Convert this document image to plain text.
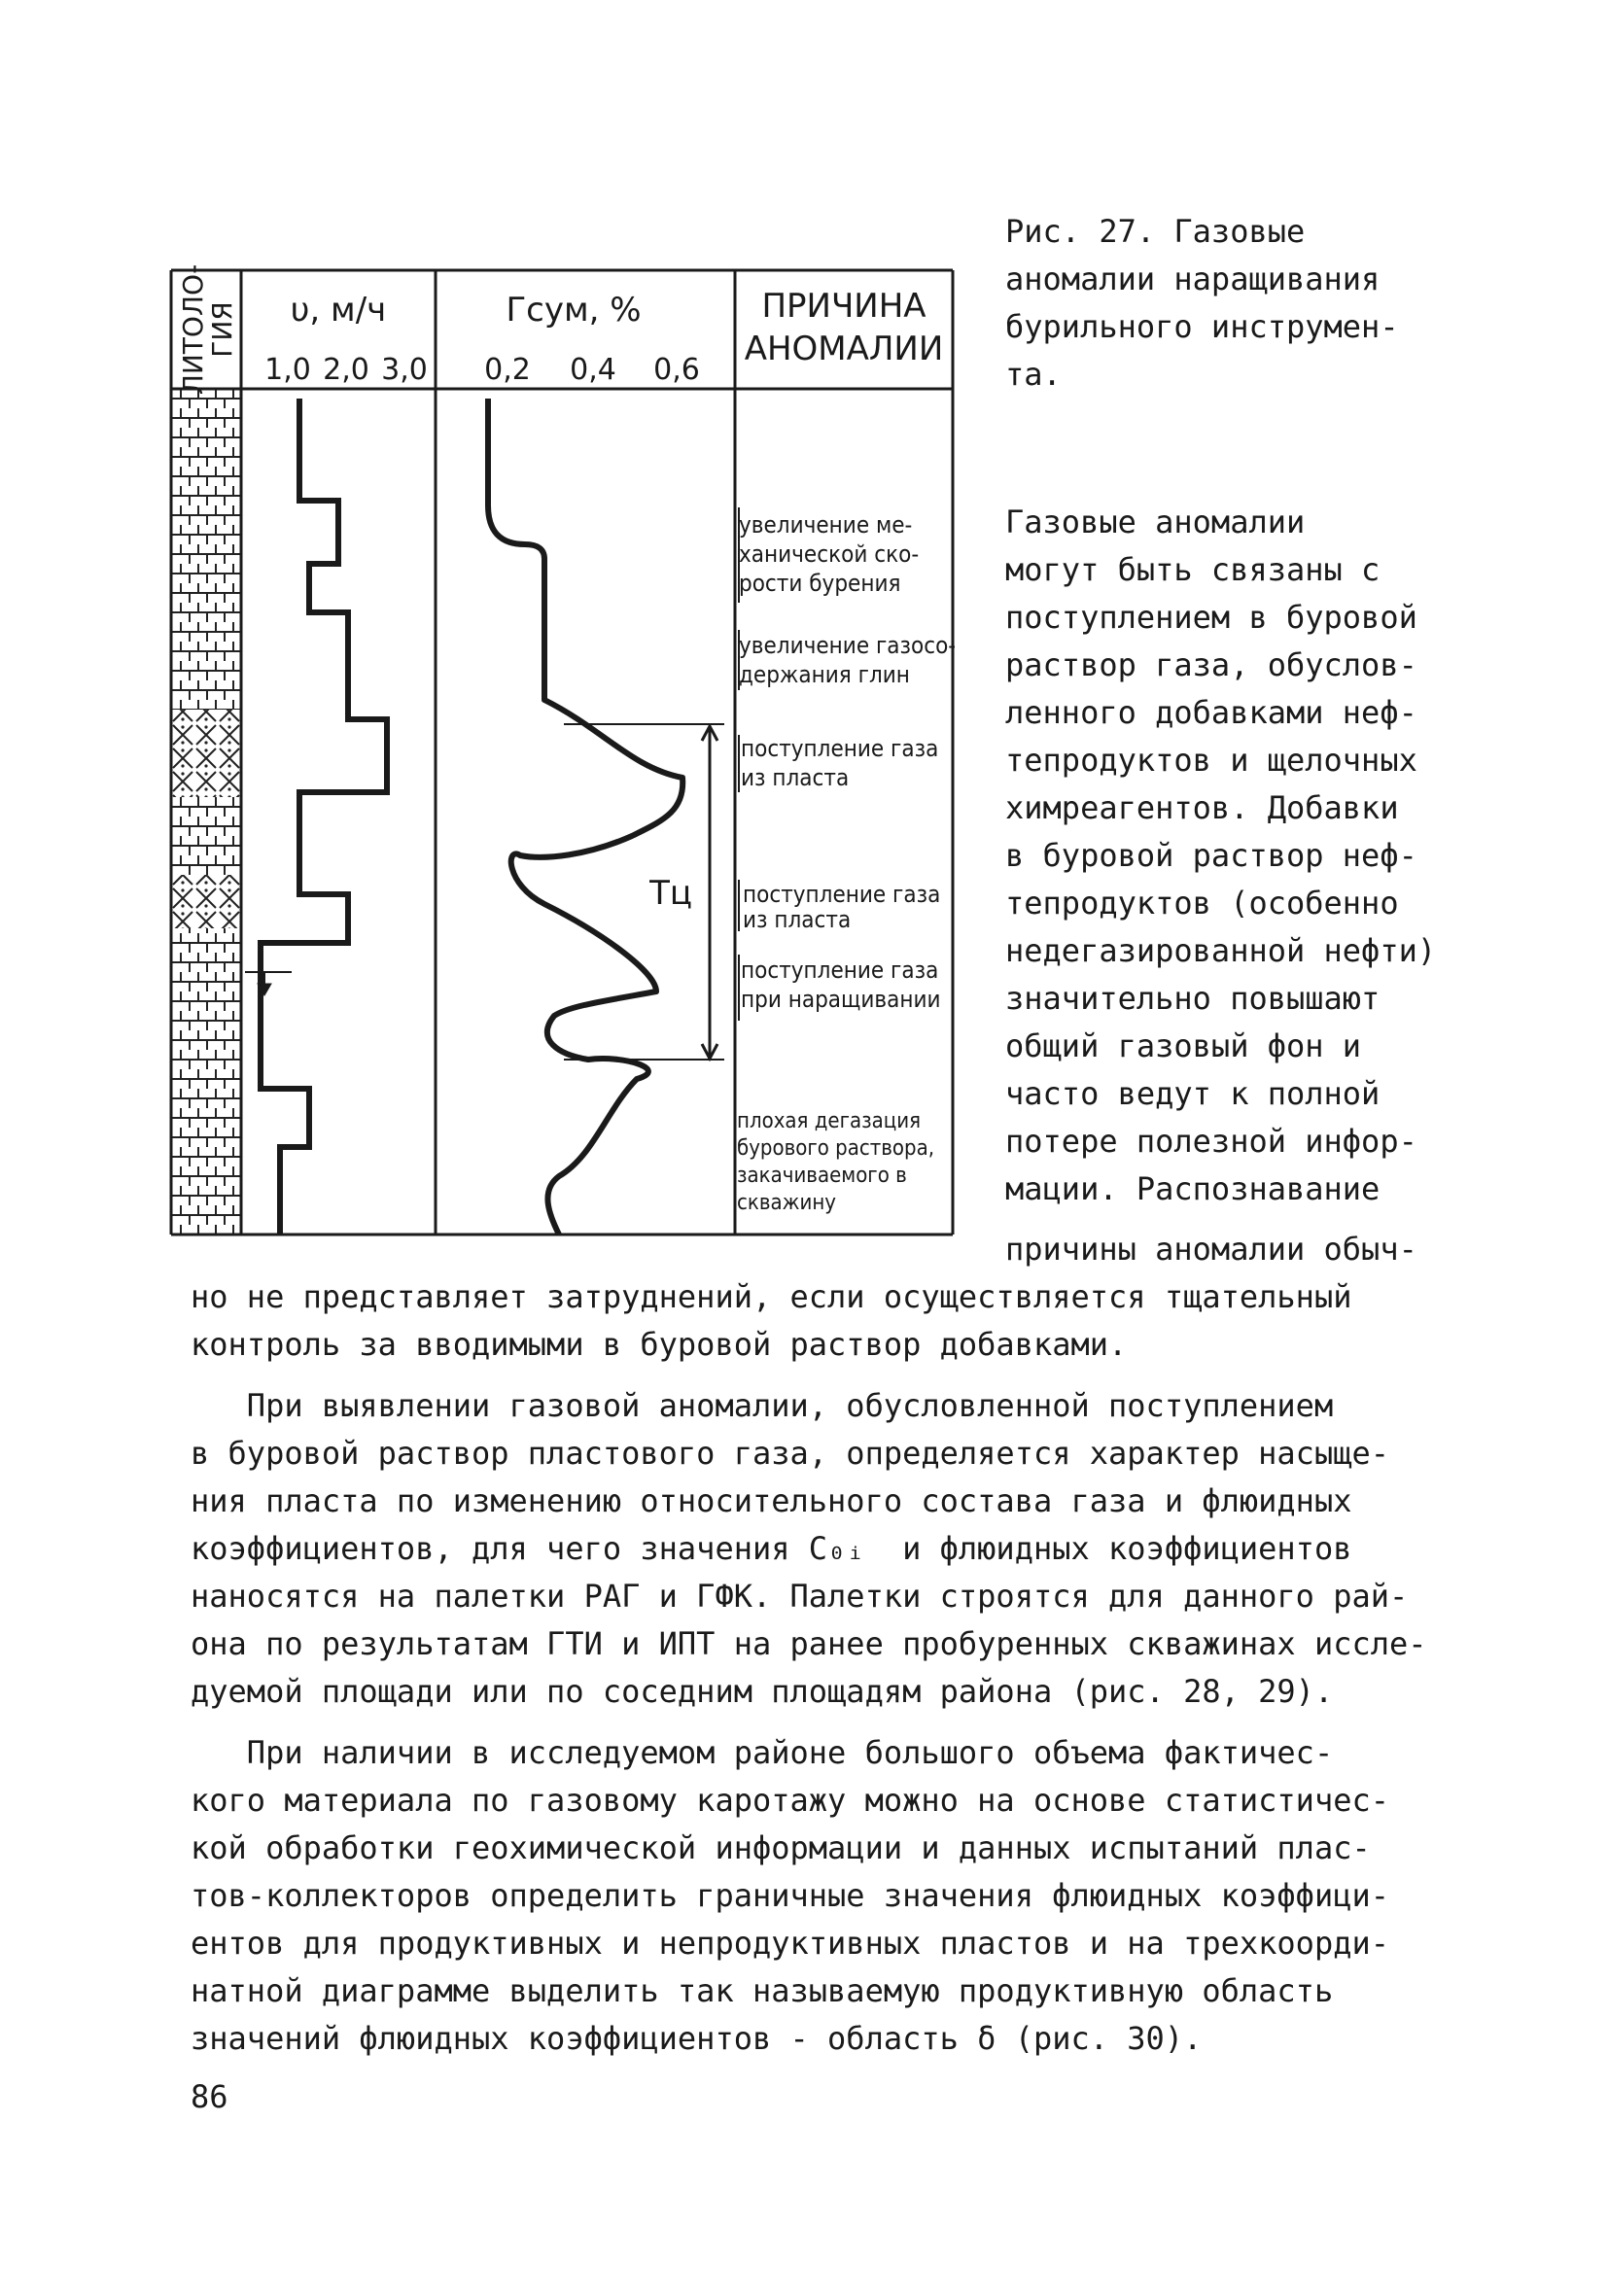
ЛИТОЛО-ГИЯ υ, м/ч
1,0 2,0 3,0
Гсум, %
0,2 0,4 0,6
ПРИЧИНА АНОМАЛИИ
Тц
увеличение ме-ханической ско-рости бурения
увеличение газосо-держания глин
поступление газа из пласта
поступление газа из пласта
поступление газа при наращивании
плохая дегазация бурового раствора, закачиваемого в скважину

Рис. 27. Газовые
аномалии наращивания
бурильного инструмен-
та.

Газовые аномалии
могут быть связаны с
поступлением в буровой
раствор газа, обуслов-
ленного добавками неф-
тепродуктов и щелочных
химреагентов. Добавки
в буровой раствор неф-
тепродуктов (особенно
недегазированной нефти)
значительно повышают
общий газовый фон и
часто ведут к полной
потере полезной инфор-
мации. Распознавание

причины аномалии обыч-

но не представляет затруднений, если осуществляется тщательный

контроль за вводимыми в буровой раствор добавками.

При выявлении газовой аномалии, обусловленной поступлением

в буровой раствор пластового газа, определяется характер насыще-

ния пласта по изменению относительного состава газа и флюидных

коэффициентов, для чего значения C₀ᵢ  и флюидных коэффициентов

наносятся на палетки РАГ и ГФК. Палетки строятся для данного рай-

она по результатам ГТИ и ИПТ на ранее пробуренных скважинах иссле-

дуемой площади или по соседним площадям района (рис. 28, 29).

При наличии в исследуемом районе большого объема фактичес-

кого материала по газовому каротажу можно на основе статистичес-

кой обработки геохимической информации и данных испытаний плас-

тов-коллекторов определить граничные значения флюидных коэффици-

ентов для продуктивных и непродуктивных пластов и на трехкоорди-

натной диаграмме выделить так называемую продуктивную область

значений флюидных коэффициентов - область δ (рис. 30).

86
